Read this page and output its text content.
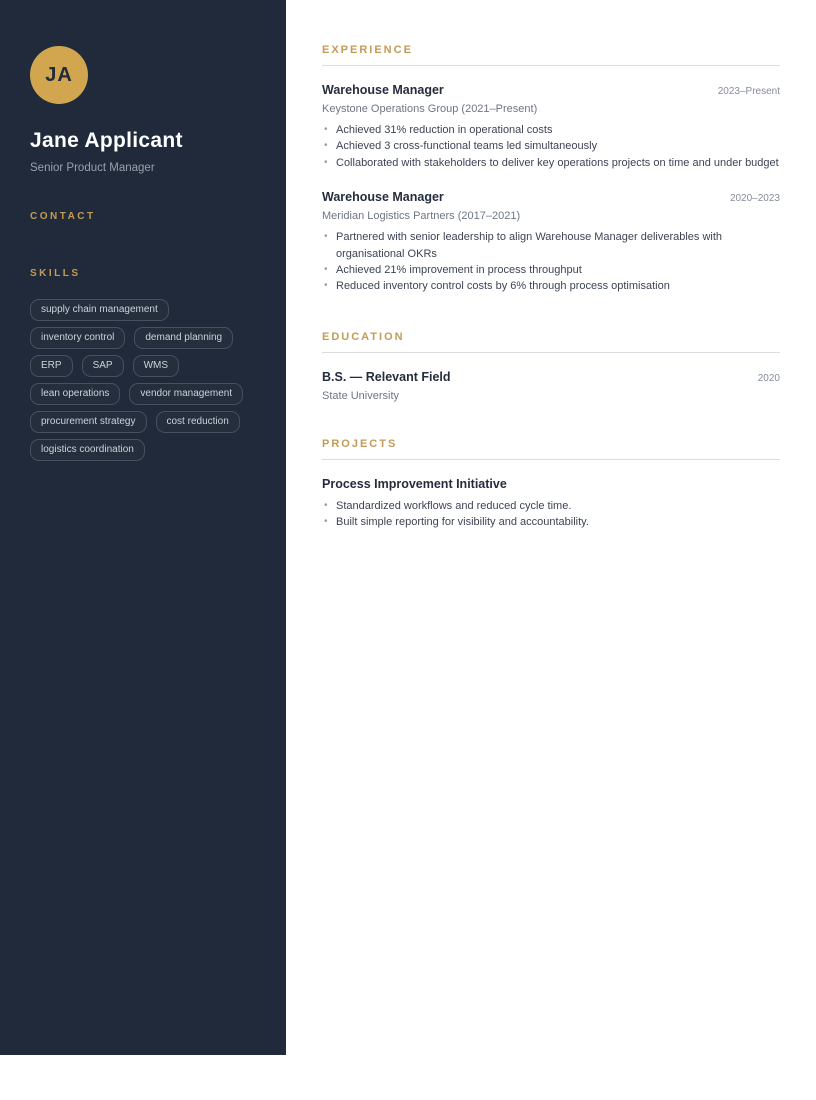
JA
Jane Applicant
Senior Product Manager
CONTACT
SKILLS
supply chain management
inventory control	demand planning
ERP	SAP	WMS
lean operations	vendor management
procurement strategy	cost reduction
logistics coordination
EXPERIENCE
Warehouse Manager	2023–Present
Keystone Operations Group (2021–Present)
• Achieved 31% reduction in operational costs
• Achieved 3 cross-functional teams led simultaneously
• Collaborated with stakeholders to deliver key operations projects on time and under budget
Warehouse Manager	2020–2023
Meridian Logistics Partners (2017–2021)
• Partnered with senior leadership to align Warehouse Manager deliverables with organisational OKRs
• Achieved 21% improvement in process throughput
• Reduced inventory control costs by 6% through process optimisation
EDUCATION
B.S. — Relevant Field	2020
State University
PROJECTS
Process Improvement Initiative
• Standardized workflows and reduced cycle time.
• Built simple reporting for visibility and accountability.
